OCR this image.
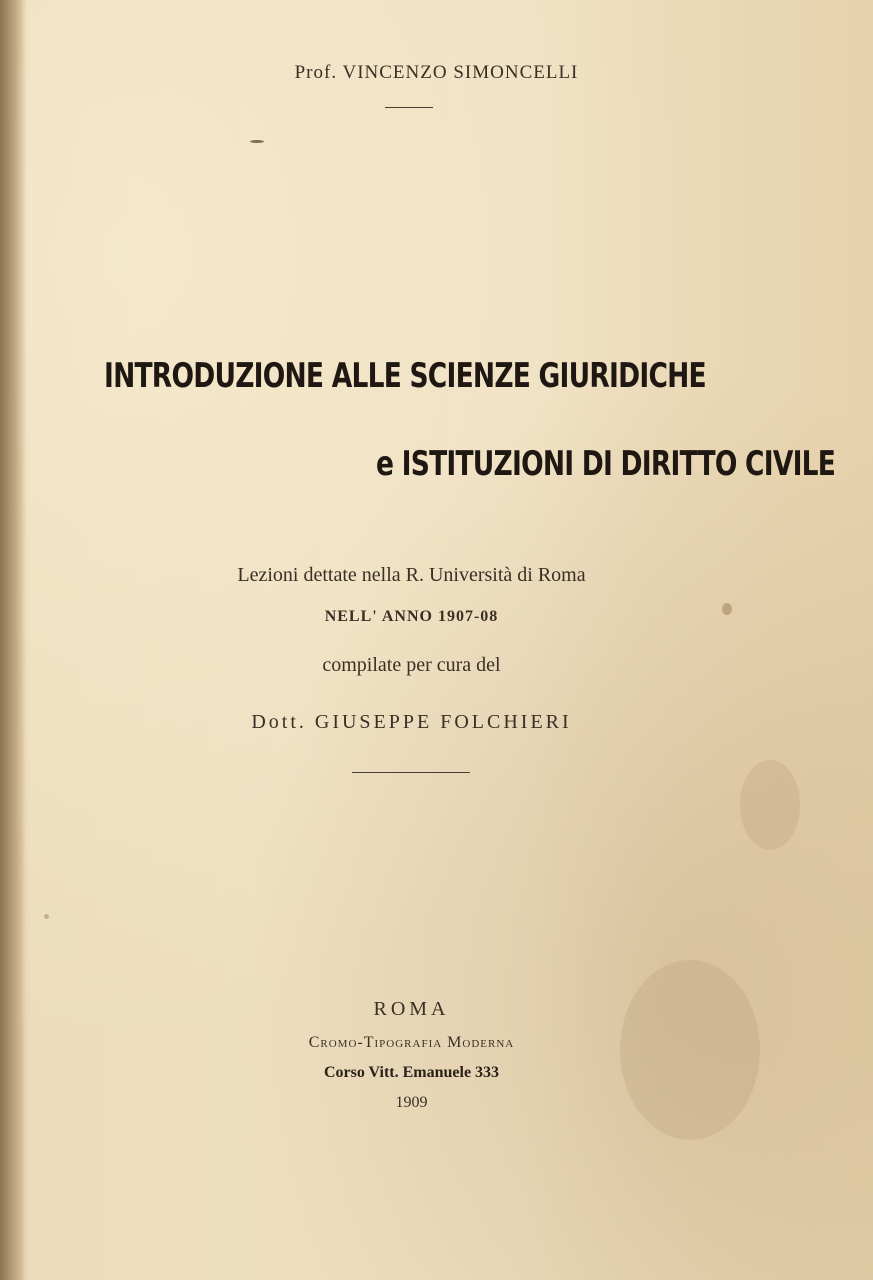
Prof. VINCENZO SIMONCELLI
INTRODUZIONE ALLE SCIENZE GIURIDICHE
e ISTITUZIONI DI DIRITTO CIVILE
Lezioni dettate nella R. Università di Roma
NELL' ANNO 1907-08
compilate per cura del
Dott. GIUSEPPE FOLCHIERI
ROMA
Cromo-Tipografia Moderna
Corso Vitt. Emanuele 333
1909
